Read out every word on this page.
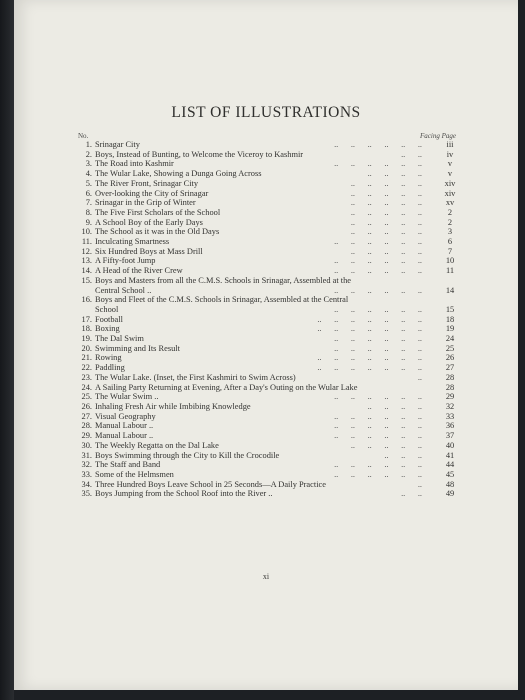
LIST OF ILLUSTRATIONS
No.	Facing Page
1. Srinagar City	..      ..      ..      ..      ..      ..	iii
2. Boys, Instead of Bunting, to Welcome the Viceroy to Kashmir	..      ..	iv
3. The Road into Kashmir	..      ..      ..      ..      ..      ..	v
4. The Wular Lake, Showing a Dunga Going Across	..      ..      ..      ..	v
5. The River Front, Srinagar City	..      ..      ..      ..      ..	xiv
6. Over-looking the City of Srinagar	..      ..      ..      ..      ..	xiv
7. Srinagar in the Grip of Winter	..      ..      ..      ..      ..	xv
8. The Five First Scholars of the School	..      ..      ..      ..      ..	2
9. A School Boy of the Early Days	..      ..      ..      ..      ..	2
10. The School as it was in the Old Days	..      ..      ..      ..      ..	3
11. Inculcating Smartness	..      ..      ..      ..      ..      ..	6
12. Six Hundred Boys at Mass Drill	..      ..      ..      ..      ..	7
13. A Fifty-foot Jump	..      ..      ..      ..      ..      ..	10
14. A Head of the River Crew	..      ..      ..      ..      ..      ..	11
15. Boys and Masters from all the C.M.S. Schools in Srinagar, Assembled at the
Central School ..	..      ..      ..      ..      ..      ..	14
16. Boys and Fleet of the C.M.S. Schools in Srinagar, Assembled at the Central
School	..      ..      ..      ..      ..      ..	15
17. Football	..      ..      ..      ..      ..      ..      ..	18
18. Boxing	..      ..      ..      ..      ..      ..      ..	19
19. The Dal Swim	..      ..      ..      ..      ..      ..	24
20. Swimming and Its Result	..      ..      ..      ..      ..      ..	25
21. Rowing	..      ..      ..      ..      ..      ..      ..	26
22. Paddling	..      ..      ..      ..      ..      ..      ..	27
23. The Wular Lake. (Inset, the First Kashmiri to Swim Across)	..	28
24. A Sailing Party Returning at Evening, After a Day's Outing on the Wular Lake	28
25. The Wular Swim ..	..      ..      ..      ..      ..      ..	29
26. Inhaling Fresh Air while Imbibing Knowledge	..      ..      ..      ..	32
27. Visual Geography	..      ..      ..      ..      ..      ..	33
28. Manual Labour ..	..      ..      ..      ..      ..      ..	36
29. Manual Labour ..	..      ..      ..      ..      ..      ..	37
30. The Weekly Regatta on the Dal Lake	..      ..      ..      ..      ..	40
31. Boys Swimming through the City to Kill the Crocodile	..      ..      ..	41
32. The Staff and Band	..      ..      ..      ..      ..      ..	44
33. Some of the Helmsmen	..      ..      ..      ..      ..      ..	45
34. Three Hundred Boys Leave School in 25 Seconds—A Daily Practice	..	48
35. Boys Jumping from the School Roof into the River ..	..      ..	49
xi
